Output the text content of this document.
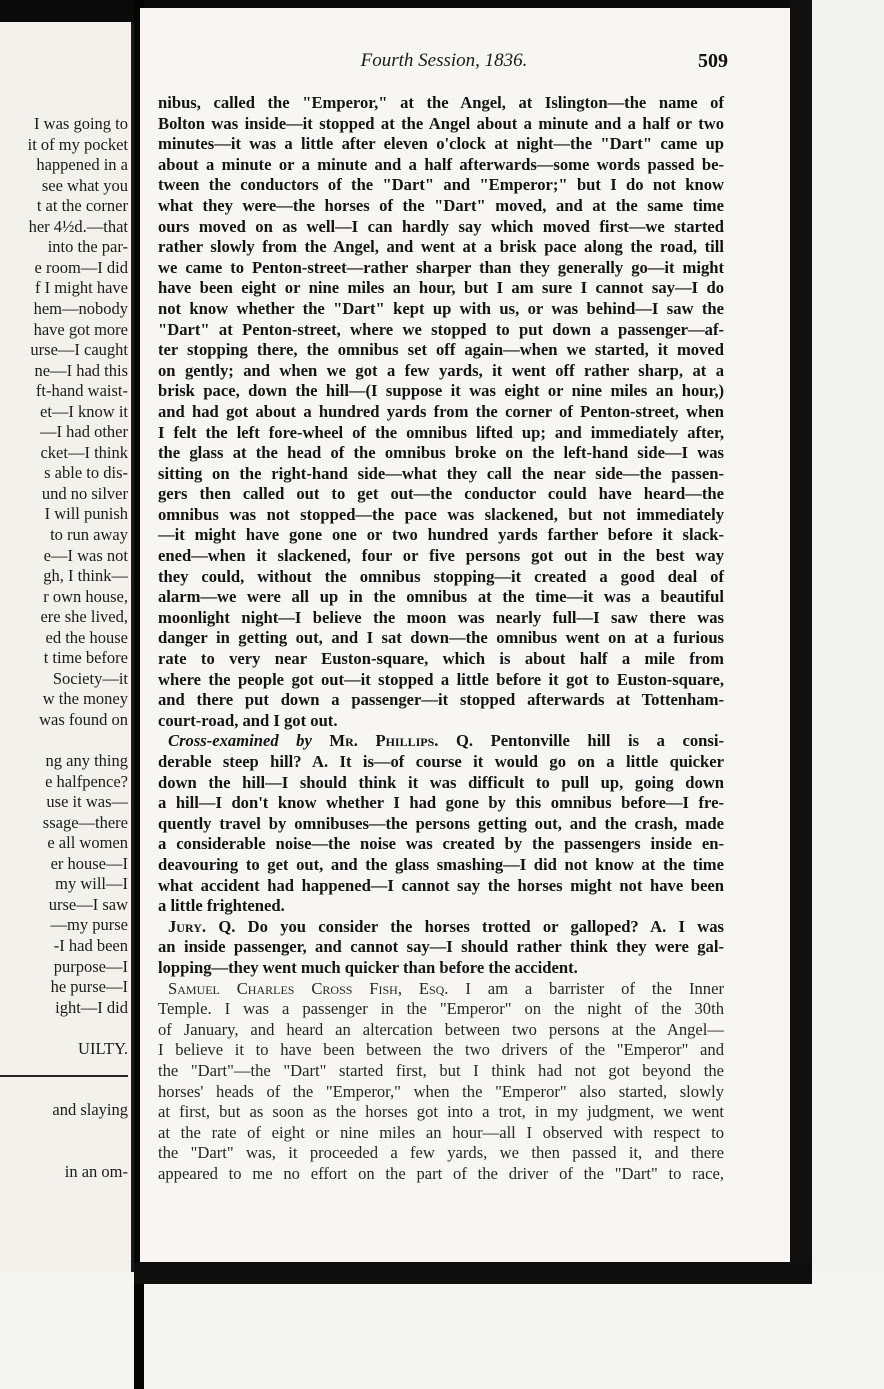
I was going to
it of my pocket
happened in a
see what you
t at the corner
her 4½d.—that
into the par-
e room—I did
f I might have
hem—nobody
have got more
urse—I caught
ne—I had this
ft-hand waist-
et—I know it
—I had other
cket—I think
s able to dis-
und no silver
I will punish
to run away
e—I was not
gh, I think—
r own house,
ere she lived,
ed the house
t time before
Society—it
w the money
was found on
ng any thing
e halfpence?
use it was—
ssage—there
e all women
er house—I
my will—I
urse—I saw
—my purse
-I had been
purpose—I
he purse—I
ight—I did
UILTY.
and slaying
in an om-
Fourth Session, 1836.	509
nibus, called the "Emperor," at the Angel, at Islington—the name of
Bolton was inside—it stopped at the Angel about a minute and a half or two
minutes—it was a little after eleven o'clock at night—the "Dart" came up
about a minute or a minute and a half afterwards—some words passed be-
tween the conductors of the "Dart" and "Emperor;" but I do not know
what they were—the horses of the "Dart" moved, and at the same time
ours moved on as well—I can hardly say which moved first—we started
rather slowly from the Angel, and went at a brisk pace along the road, till
we came to Penton-street—rather sharper than they generally go—it might
have been eight or nine miles an hour, but I am sure I cannot say—I do
not know whether the "Dart" kept up with us, or was behind—I saw the
"Dart" at Penton-street, where we stopped to put down a passenger—af-
ter stopping there, the omnibus set off again—when we started, it moved
on gently; and when we got a few yards, it went off rather sharp, at a
brisk pace, down the hill—(I suppose it was eight or nine miles an hour,)
and had got about a hundred yards from the corner of Penton-street, when
I felt the left fore-wheel of the omnibus lifted up; and immediately after,
the glass at the head of the omnibus broke on the left-hand side—I was
sitting on the right-hand side—what they call the near side—the passen-
gers then called out to get out—the conductor could have heard—the
omnibus was not stopped—the pace was slackened, but not immediately
—it might have gone one or two hundred yards farther before it slack-
ened—when it slackened, four or five persons got out in the best way
they could, without the omnibus stopping—it created a good deal of
alarm—we were all up in the omnibus at the time—it was a beautiful
moonlight night—I believe the moon was nearly full—I saw there was
danger in getting out, and I sat down—the omnibus went on at a furious
rate to very near Euston-square, which is about half a mile from
where the people got out—it stopped a little before it got to Euston-square,
and there put down a passenger—it stopped afterwards at Tottenham-
court-road, and I got out.
Cross-examined by Mr. Phillips. Q. Pentonville hill is a consi-
derable steep hill? A. It is—of course it would go on a little quicker
down the hill—I should think it was difficult to pull up, going down
a hill—I don't know whether I had gone by this omnibus before—I fre-
quently travel by omnibuses—the persons getting out, and the crash, made
a considerable noise—the noise was created by the passengers inside en-
deavouring to get out, and the glass smashing—I did not know at the time
what accident had happened—I cannot say the horses might not have been
a little frightened.
Jury. Q. Do you consider the horses trotted or galloped? A. I was
an inside passenger, and cannot say—I should rather think they were gal-
lopping—they went much quicker than before the accident.
Samuel Charles Cross Fish, Esq. I am a barrister of the Inner
Temple. I was a passenger in the "Emperor" on the night of the 30th
of January, and heard an altercation between two persons at the Angel—
I believe it to have been between the two drivers of the "Emperor" and
the "Dart"—the "Dart" started first, but I think had not got beyond the
horses' heads of the "Emperor," when the "Emperor" also started, slowly
at first, but as soon as the horses got into a trot, in my judgment, we went
at the rate of eight or nine miles an hour—all I observed with respect to
the "Dart" was, it proceeded a few yards, we then passed it, and there
appeared to me no effort on the part of the driver of the "Dart" to race,
